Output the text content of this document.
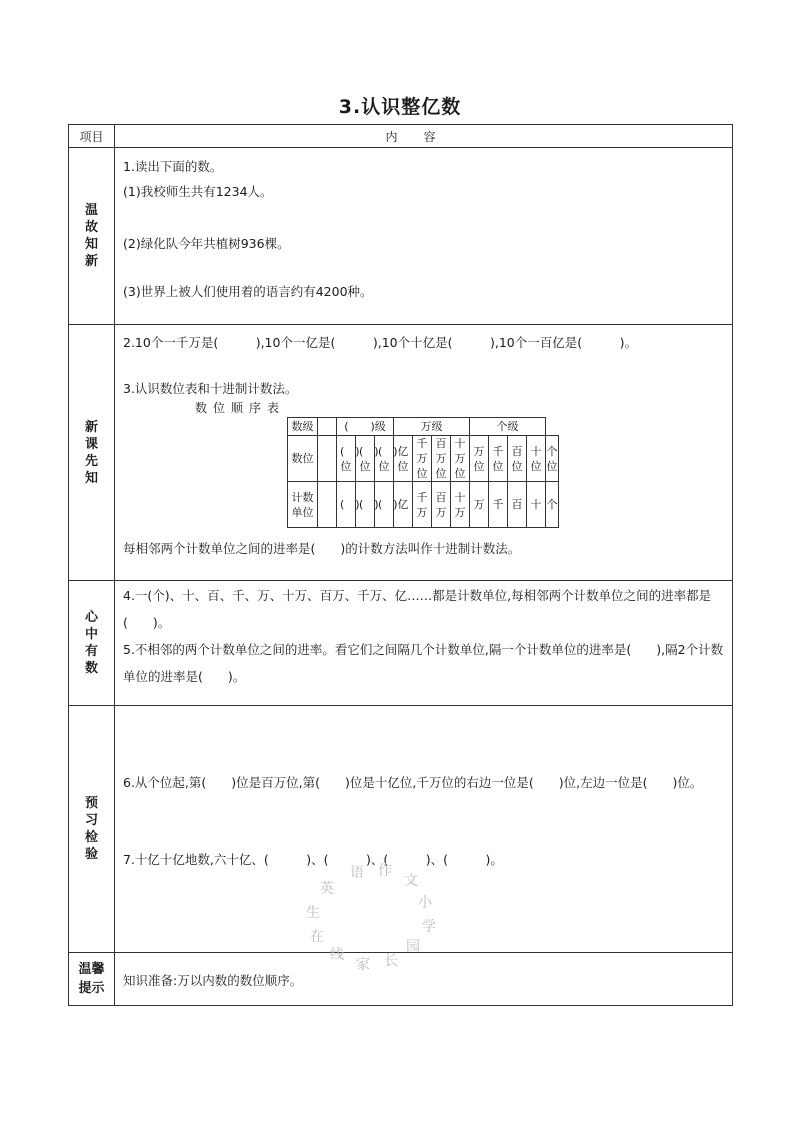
3.认识整亿数
项目	内容
温故知新	
1.读出下面的数。
(1)我校师生共有1234人。
(2)绿化队今年共植树936棵。
(3)世界上被人们使用着的语言约有4200种。

新课先知	
2.10个一千万是(　　　),10个一亿是(　　　),10个十亿是(　　　),10个一百亿是(　　　)。
3.认识数位表和十进制计数法。
数位顺序表
数级		(　　)级	万级	个级
数位		(　)位	(　)位	(　)位	亿位	千万位	百万位	十万位	万位	千位	百位	十位	个位
计数单位		(　)	(　)	(　)	亿	千万	百万	十万	万	千	百	十	个
每相邻两个计数单位之间的进率是(　　)的计数方法叫作十进制计数法。

心中有数	
4.一(个)、十、百、千、万、十万、百万、千万、亿……都是计数单位,每相邻两个计数单位之间的进率都是(　　)。
5.不相邻的两个计数单位之间的进率。看它们之间隔几个计数单位,隔一个计数单位的进率是(　　),隔2个计数单位的进率是(　　)。

预习检验	
6.从个位起,第(　　)位是百万位,第(　　)位是十亿位,千万位的右边一位是(　　)位,左边一位是(　　)位。
7.十亿十亿地数,六十亿、(　　　)、(　　　)、(　　　)、(　　　)。

温馨提示	
知识准备:万以内数的数位顺序。
英
语 作
文
小
学
生
在
线
家 长
园
